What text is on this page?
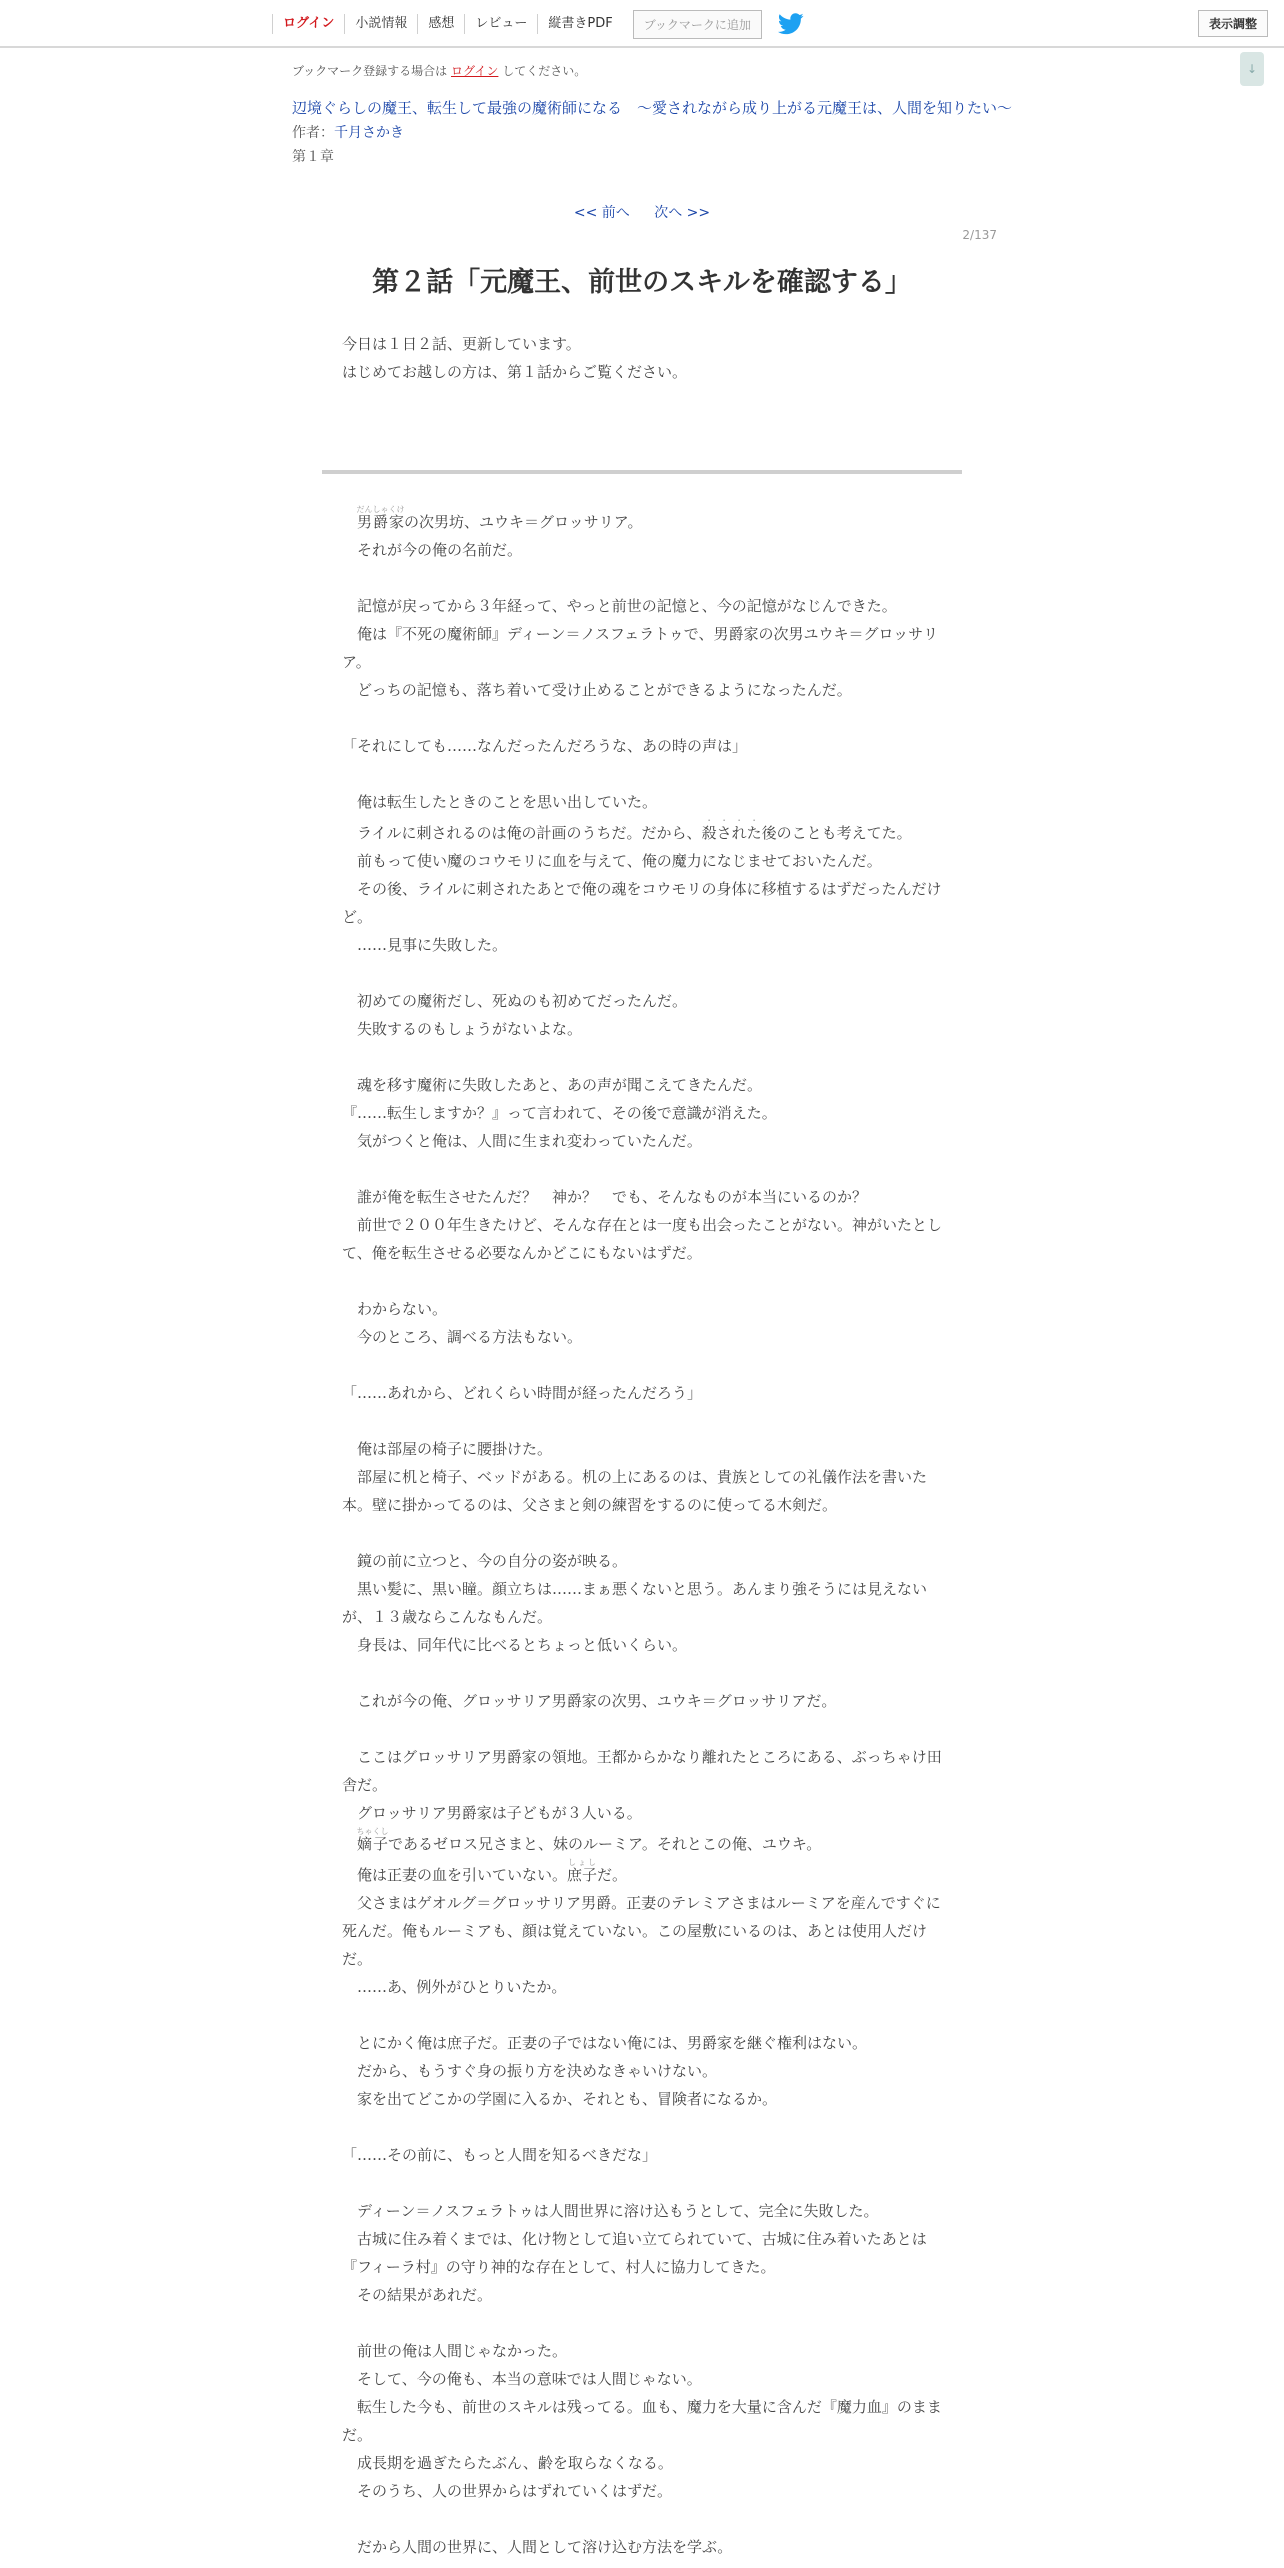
ログイン	小説情報	感想	レビュー	縦書きPDF	ブックマークに追加	表示調整
↓
ブックマーク登録する場合は ログイン してください。
辺境ぐらしの魔王、転生して最強の魔術師になる　〜愛されながら成り上がる元魔王は、人間を知りたい〜
作者：千月さかき
第１章
<< 前へ 次へ >>
2/137
第２話「元魔王、前世のスキルを確認する」
今日は１日２話、更新しています。
はじめてお越しの方は、第１話からご覧ください。
　男爵家だんしゃくけの次男坊、ユウキ＝グロッサリア。
　それが今の俺の名前だ。
　記憶が戻ってから３年経って、やっと前世の記憶と、今の記憶がなじんできた。
　俺は『不死の魔術師』ディーン＝ノスフェラトゥで、男爵家の次男ユウキ＝グロッサリア。
　どっちの記憶も、落ち着いて受け止めることができるようになったんだ。
「それにしても……なんだったんだろうな、あの時の声は」
　俺は転生したときのことを思い出していた。
　ライルに刺されるのは俺の計画のうちだ。だから、殺された・・・・後のことも考えてた。
　前もって使い魔のコウモリに血を与えて、俺の魔力になじませておいたんだ。
　その後、ライルに刺されたあとで俺の魂をコウモリの身体に移植するはずだったんだけど。
　……見事に失敗した。
　初めての魔術だし、死ぬのも初めてだったんだ。
　失敗するのもしょうがないよな。
　魂を移す魔術に失敗したあと、あの声が聞こえてきたんだ。
『……転生しますか？』って言われて、その後で意識が消えた。
　気がつくと俺は、人間に生まれ変わっていたんだ。
　誰が俺を転生させたんだ？　神か？　でも、そんなものが本当にいるのか？
　前世で２００年生きたけど、そんな存在とは一度も出会ったことがない。神がいたとして、俺を転生させる必要なんかどこにもないはずだ。
　わからない。
　今のところ、調べる方法もない。
「……あれから、どれくらい時間が経ったんだろう」
　俺は部屋の椅子に腰掛けた。
　部屋に机と椅子、ベッドがある。机の上にあるのは、貴族としての礼儀作法を書いた本。壁に掛かってるのは、父さまと剣の練習をするのに使ってる木剣だ。
　鏡の前に立つと、今の自分の姿が映る。
　黒い髪に、黒い瞳。顔立ちは……まぁ悪くないと思う。あんまり強そうには見えないが、１３歳ならこんなもんだ。
　身長は、同年代に比べるとちょっと低いくらい。
　これが今の俺、グロッサリア男爵家の次男、ユウキ＝グロッサリアだ。
　ここはグロッサリア男爵家の領地。王都からかなり離れたところにある、ぶっちゃけ田舎だ。
　グロッサリア男爵家は子どもが３人いる。
　嫡子ちゃくしであるゼロス兄さまと、妹のルーミア。それとこの俺、ユウキ。
　俺は正妻の血を引いていない。庶子しょしだ。
　父さまはゲオルグ＝グロッサリア男爵。正妻のテレミアさまはルーミアを産んですぐに死んだ。俺もルーミアも、顔は覚えていない。この屋敷にいるのは、あとは使用人だけだ。
　……あ、例外がひとりいたか。
　とにかく俺は庶子だ。正妻の子ではない俺には、男爵家を継ぐ権利はない。
　だから、もうすぐ身の振り方を決めなきゃいけない。
　家を出てどこかの学園に入るか、それとも、冒険者になるか。
「……その前に、もっと人間を知るべきだな」
　ディーン＝ノスフェラトゥは人間世界に溶け込もうとして、完全に失敗した。
　古城に住み着くまでは、化け物として追い立てられていて、古城に住み着いたあとは『フィーラ村』の守り神的な存在として、村人に協力してきた。
　その結果があれだ。
　前世の俺は人間じゃなかった。
　そして、今の俺も、本当の意味では人間じゃない。
　転生した今も、前世のスキルは残ってる。血も、魔力を大量に含んだ『魔力血』のままだ。
　成長期を過ぎたらたぶん、齢を取らなくなる。
　そのうち、人の世界からはずれていくはずだ。
　だから人間の世界に、人間として溶け込む方法を学ぶ。
